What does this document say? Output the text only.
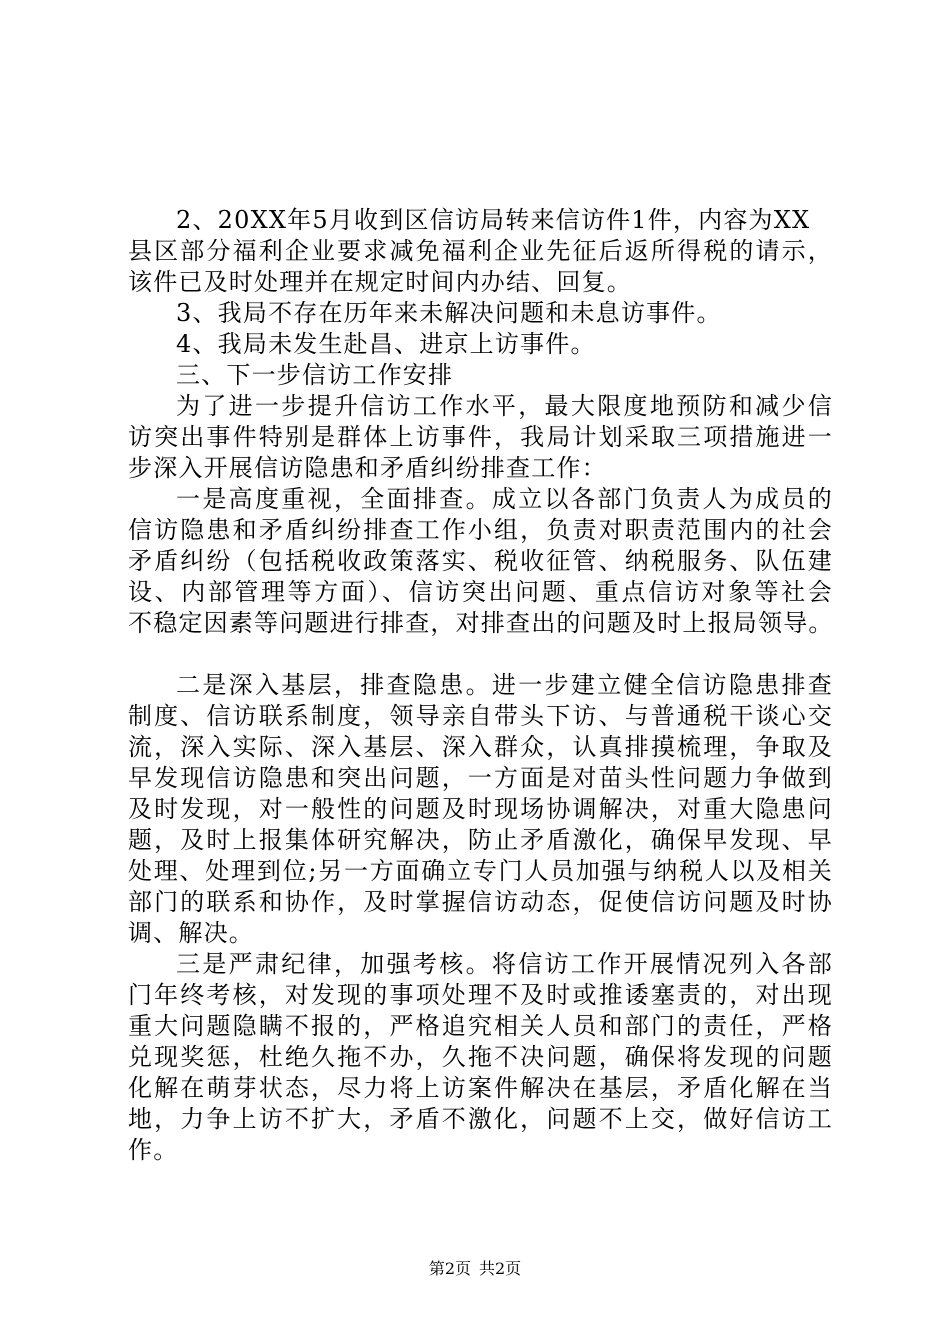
2、20XX年5月收到区信访局转来信访件1件，内容为XX
县区部分福利企业要求减免福利企业先征后返所得税的请示，
该件已及时处理并在规定时间内办结、回复。
3、我局不存在历年来未解决问题和未息访事件。
4、我局未发生赴昌、进京上访事件。
三、下一步信访工作安排
为了进一步提升信访工作水平，最大限度地预防和减少信
访突出事件特别是群体上访事件，我局计划采取三项措施进一
步深入开展信访隐患和矛盾纠纷排查工作：
一是高度重视，全面排查。成立以各部门负责人为成员的
信访隐患和矛盾纠纷排查工作小组，负责对职责范围内的社会
矛盾纠纷（包括税收政策落实、税收征管、纳税服务、队伍建
设、内部管理等方面）、信访突出问题、重点信访对象等社会
不稳定因素等问题进行排查，对排查出的问题及时上报局领导。
二是深入基层，排查隐患。进一步建立健全信访隐患排查
制度、信访联系制度，领导亲自带头下访、与普通税干谈心交
流，深入实际、深入基层、深入群众，认真排摸梳理，争取及
早发现信访隐患和突出问题，一方面是对苗头性问题力争做到
及时发现，对一般性的问题及时现场协调解决，对重大隐患问
题，及时上报集体研究解决，防止矛盾激化，确保早发现、早
处理、处理到位;另一方面确立专门人员加强与纳税人以及相关
部门的联系和协作，及时掌握信访动态，促使信访问题及时协
调、解决。
三是严肃纪律，加强考核。将信访工作开展情况列入各部
门年终考核，对发现的事项处理不及时或推诿塞责的，对出现
重大问题隐瞒不报的，严格追究相关人员和部门的责任，严格
兑现奖惩，杜绝久拖不办，久拖不决问题，确保将发现的问题
化解在萌芽状态，尽力将上访案件解决在基层，矛盾化解在当
地，力争上访不扩大，矛盾不激化，问题不上交，做好信访工
作。
第2页 共2页
